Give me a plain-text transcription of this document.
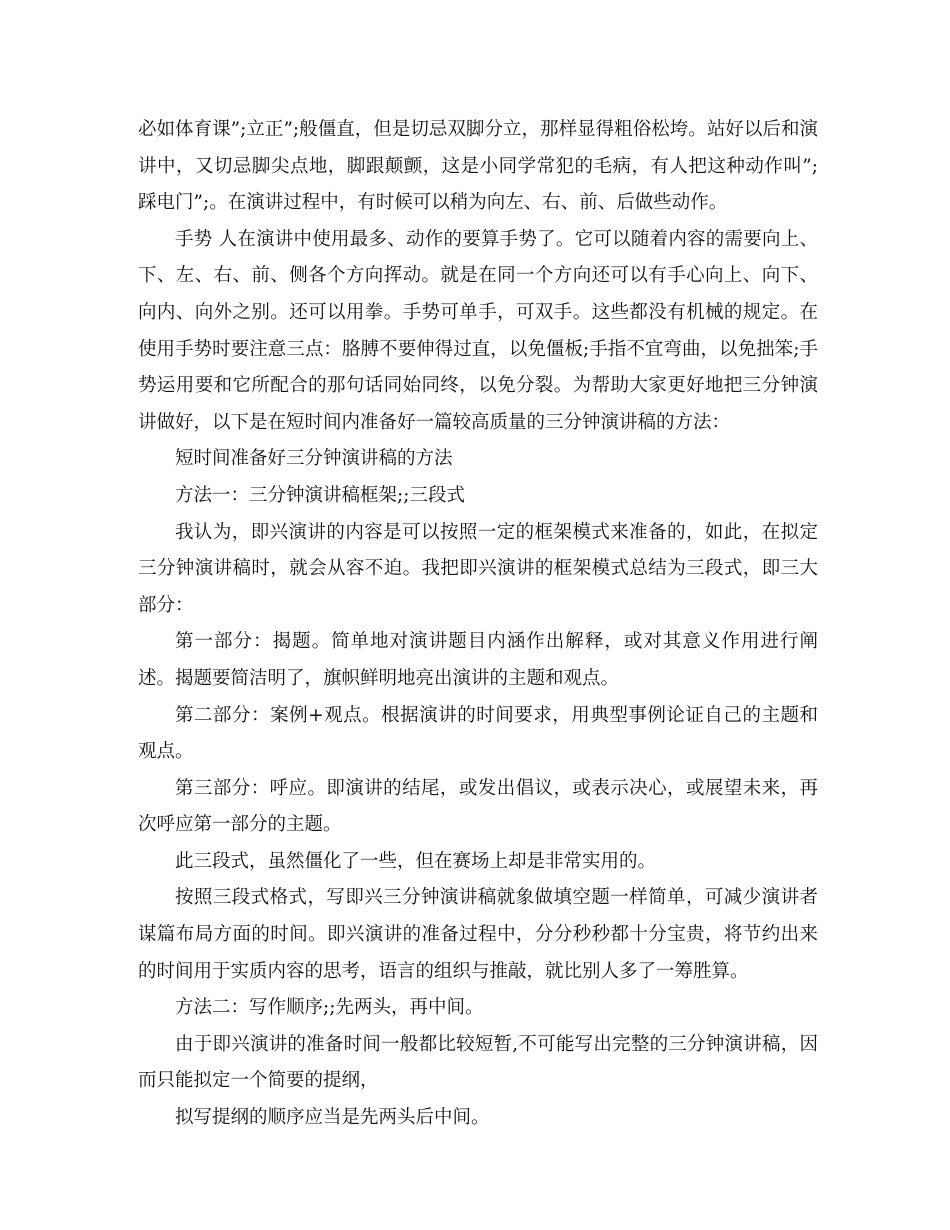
必如体育课”;立正”;般僵直，但是切忌双脚分立，那样显得粗俗松垮。站好以后和演讲中，又切忌脚尖点地，脚跟颠颤，这是小同学常犯的毛病，有人把这种动作叫”;踩电门”;。在演讲过程中，有时候可以稍为向左、右、前、后做些动作。

手势 人在演讲中使用最多、动作的要算手势了。它可以随着内容的需要向上、下、左、右、前、侧各个方向挥动。就是在同一个方向还可以有手心向上、向下、向内、向外之别。还可以用拳。手势可单手，可双手。这些都没有机械的规定。在使用手势时要注意三点：胳膊不要伸得过直，以免僵板;手指不宜弯曲，以免拙笨;手势运用要和它所配合的那句话同始同终，以免分裂。为帮助大家更好地把三分钟演讲做好，以下是在短时间内准备好一篇较高质量的三分钟演讲稿的方法：

短时间准备好三分钟演讲稿的方法

方法一：三分钟演讲稿框架;;三段式

我认为，即兴演讲的内容是可以按照一定的框架模式来准备的，如此，在拟定三分钟演讲稿时，就会从容不迫。我把即兴演讲的框架模式总结为三段式，即三大部分：

第一部分：揭题。简单地对演讲题目内涵作出解释，或对其意义作用进行阐述。揭题要简洁明了，旗帜鲜明地亮出演讲的主题和观点。

第二部分：案例+观点。根据演讲的时间要求，用典型事例论证自己的主题和观点。

第三部分：呼应。即演讲的结尾，或发出倡议，或表示决心，或展望未来，再次呼应第一部分的主题。

此三段式，虽然僵化了一些，但在赛场上却是非常实用的。

按照三段式格式，写即兴三分钟演讲稿就象做填空题一样简单，可减少演讲者谋篇布局方面的时间。即兴演讲的准备过程中，分分秒秒都十分宝贵，将节约出来的时间用于实质内容的思考，语言的组织与推敲，就比别人多了一筹胜算。

方法二：写作顺序;;先两头，再中间。

由于即兴演讲的准备时间一般都比较短暂,不可能写出完整的三分钟演讲稿，因而只能拟定一个简要的提纲，

拟写提纲的顺序应当是先两头后中间。
